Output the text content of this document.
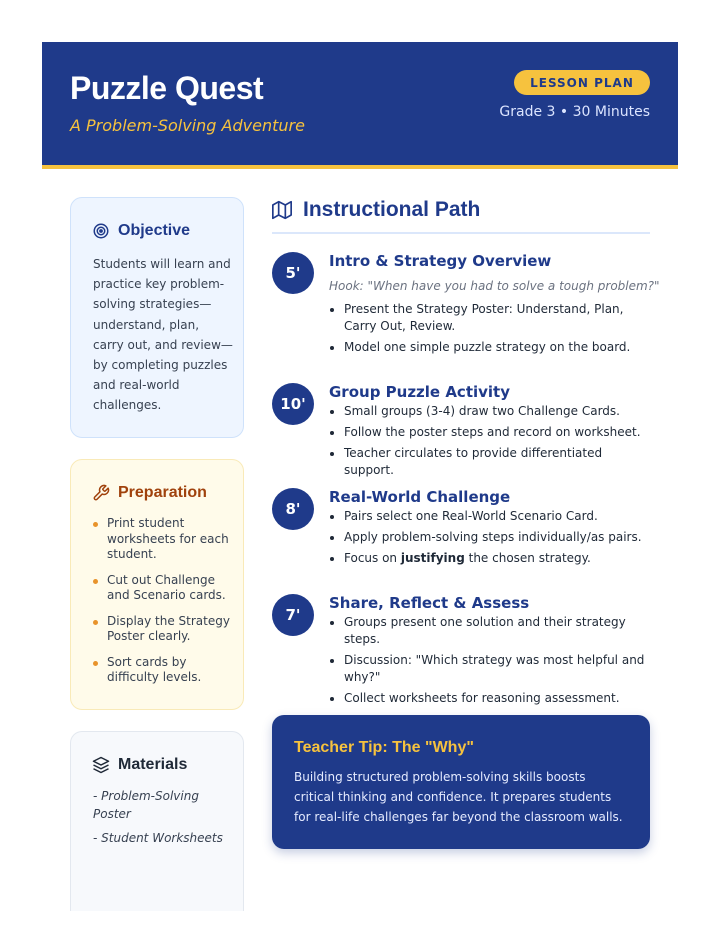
Puzzle Quest
A Problem-Solving Adventure
LESSON PLAN
Grade 3 • 30 Minutes
Objective
Students will learn and practice key problem-solving strategies—understand, plan, carry out, and review—by completing puzzles and real-world challenges.
Preparation
Print student worksheets for each student.
Cut out Challenge and Scenario cards.
Display the Strategy Poster clearly.
Sort cards by difficulty levels.
Materials
- Problem-Solving Poster
- Student Worksheets
Instructional Path
5'
Intro & Strategy Overview
Hook: "When have you had to solve a tough problem?"
Present the Strategy Poster: Understand, Plan, Carry Out, Review.
Model one simple puzzle strategy on the board.
10'
Group Puzzle Activity
Small groups (3-4) draw two Challenge Cards.
Follow the poster steps and record on worksheet.
Teacher circulates to provide differentiated support.
8'
Real-World Challenge
Pairs select one Real-World Scenario Card.
Apply problem-solving steps individually/as pairs.
Focus on justifying the chosen strategy.
7'
Share, Reflect & Assess
Groups present one solution and their strategy steps.
Discussion: "Which strategy was most helpful and why?"
Collect worksheets for reasoning assessment.
Teacher Tip: The "Why"
Building structured problem-solving skills boosts critical thinking and confidence. It prepares students for real-life challenges far beyond the classroom walls.
